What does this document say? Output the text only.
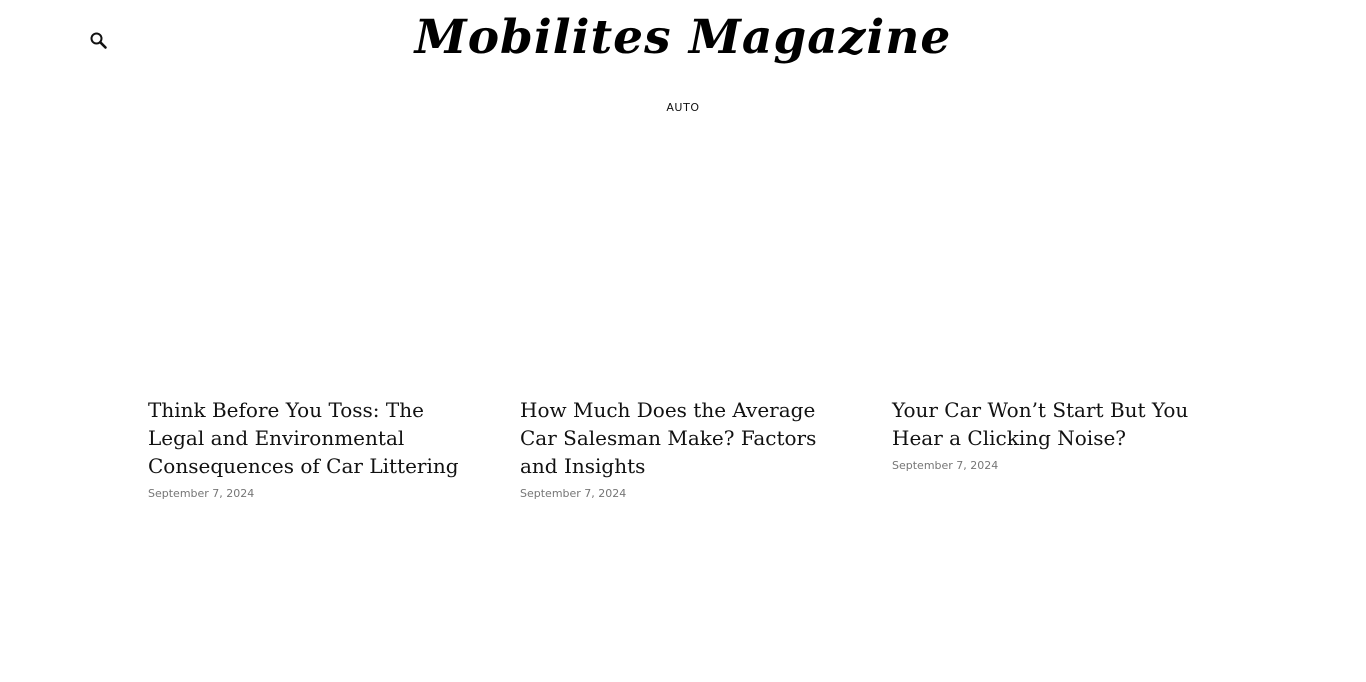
Mobilites Magazine
AUTO
Think Before You Toss: The Legal and Environmental Consequences of Car Littering
September 7, 2024
How Much Does the Average Car Salesman Make? Factors and Insights
September 7, 2024
Your Car Won’t Start But You Hear a Clicking Noise?
September 7, 2024
